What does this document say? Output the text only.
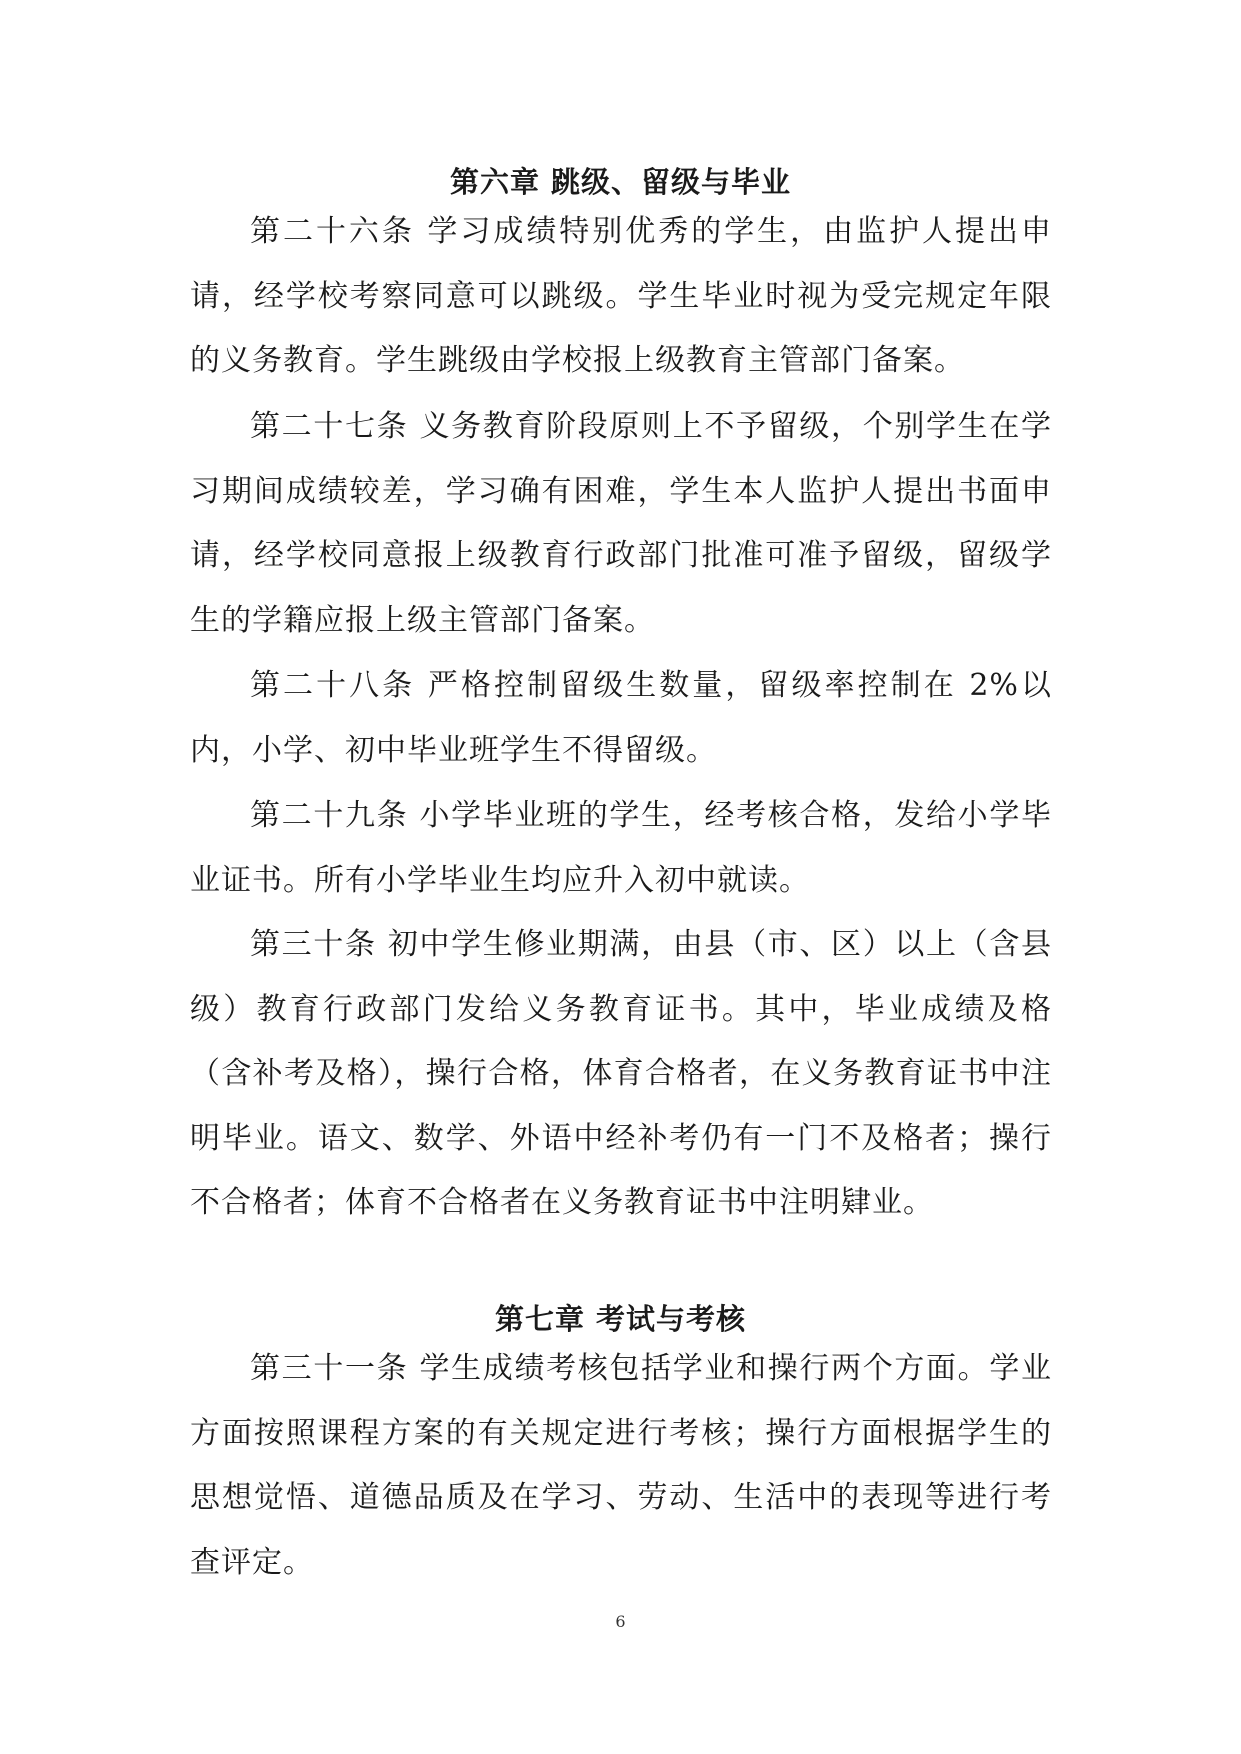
第六章 跳级、留级与毕业

第二十六条 学习成绩特别优秀的学生，由监护人提出申请，经学校考察同意可以跳级。学生毕业时视为受完规定年限的义务教育。学生跳级由学校报上级教育主管部门备案。

第二十七条 义务教育阶段原则上不予留级，个别学生在学习期间成绩较差，学习确有困难，学生本人监护人提出书面申请，经学校同意报上级教育行政部门批准可准予留级，留级学生的学籍应报上级主管部门备案。

第二十八条 严格控制留级生数量，留级率控制在 2%以内，小学、初中毕业班学生不得留级。

第二十九条 小学毕业班的学生，经考核合格，发给小学毕业证书。所有小学毕业生均应升入初中就读。

第三十条 初中学生修业期满，由县（市、区）以上（含县级）教育行政部门发给义务教育证书。其中，毕业成绩及格（含补考及格），操行合格，体育合格者，在义务教育证书中注明毕业。语文、数学、外语中经补考仍有一门不及格者；操行不合格者；体育不合格者在义务教育证书中注明肄业。

第七章 考试与考核

第三十一条 学生成绩考核包括学业和操行两个方面。学业方面按照课程方案的有关规定进行考核；操行方面根据学生的思想觉悟、道德品质及在学习、劳动、生活中的表现等进行考查评定。

6
